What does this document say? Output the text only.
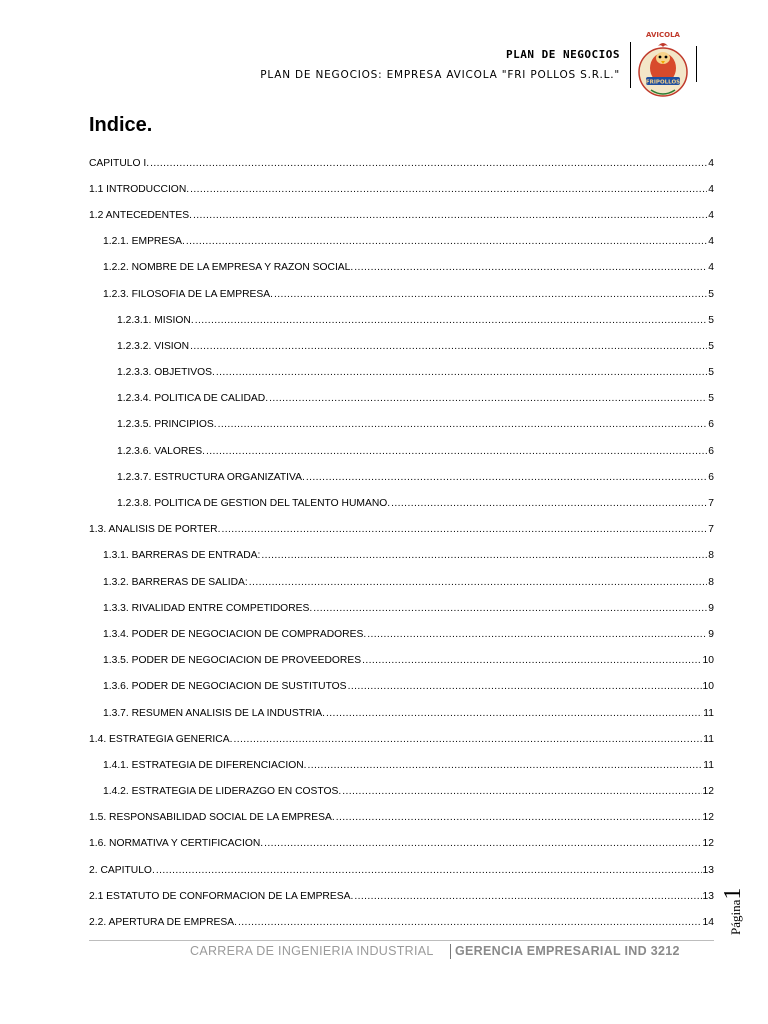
PLAN DE NEGOCIOS
PLAN DE NEGOCIOS: EMPRESA AVICOLA "FRI POLLOS S.R.L."
AVICOLA
FRIPOLLOS
Indice.
CAPITULO I. .....	4
1.1 INTRODUCCION. .....	4
1.2 ANTECEDENTES. .....	4
1.2.1. EMPRESA. .....	4
1.2.2. NOMBRE DE LA EMPRESA Y RAZON SOCIAL. .....	4
1.2.3. FILOSOFIA DE LA EMPRESA. .....	5
1.2.3.1. MISION. .....	5
1.2.3.2. VISION .....	5
1.2.3.3. OBJETIVOS. .....	5
1.2.3.4. POLITICA DE CALIDAD. .....	5
1.2.3.5. PRINCIPIOS. .....	6
1.2.3.6. VALORES. .....	6
1.2.3.7. ESTRUCTURA ORGANIZATIVA. .....	6
1.2.3.8. POLITICA DE GESTION DEL TALENTO HUMANO. .....	7
1.3. ANALISIS DE PORTER. .....	7
1.3.1. BARRERAS DE ENTRADA: .....	8
1.3.2. BARRERAS DE SALIDA: .....	8
1.3.3. RIVALIDAD ENTRE COMPETIDORES. .....	9
1.3.4. PODER DE NEGOCIACION DE COMPRADORES. .....	9
1.3.5. PODER DE NEGOCIACION DE PROVEEDORES .....	10
1.3.6. PODER DE NEGOCIACION DE SUSTITUTOS .....	10
1.3.7. RESUMEN ANALISIS DE LA INDUSTRIA. .....	11
1.4. ESTRATEGIA GENERICA. .....	11
1.4.1. ESTRATEGIA DE DIFERENCIACION. .....	11
1.4.2. ESTRATEGIA DE LIDERAZGO EN COSTOS. .....	12
1.5. RESPONSABILIDAD SOCIAL DE LA EMPRESA. .....	12
1.6. NORMATIVA Y CERTIFICACION. .....	12
2. CAPITULO. .....	13
2.1 ESTATUTO DE CONFORMACION DE LA EMPRESA. .....	13
2.2. APERTURA DE EMPRESA. .....	14
CARRERA DE INGENIERIA INDUSTRIAL GERENCIA EMPRESARIAL IND 3212
Página1
